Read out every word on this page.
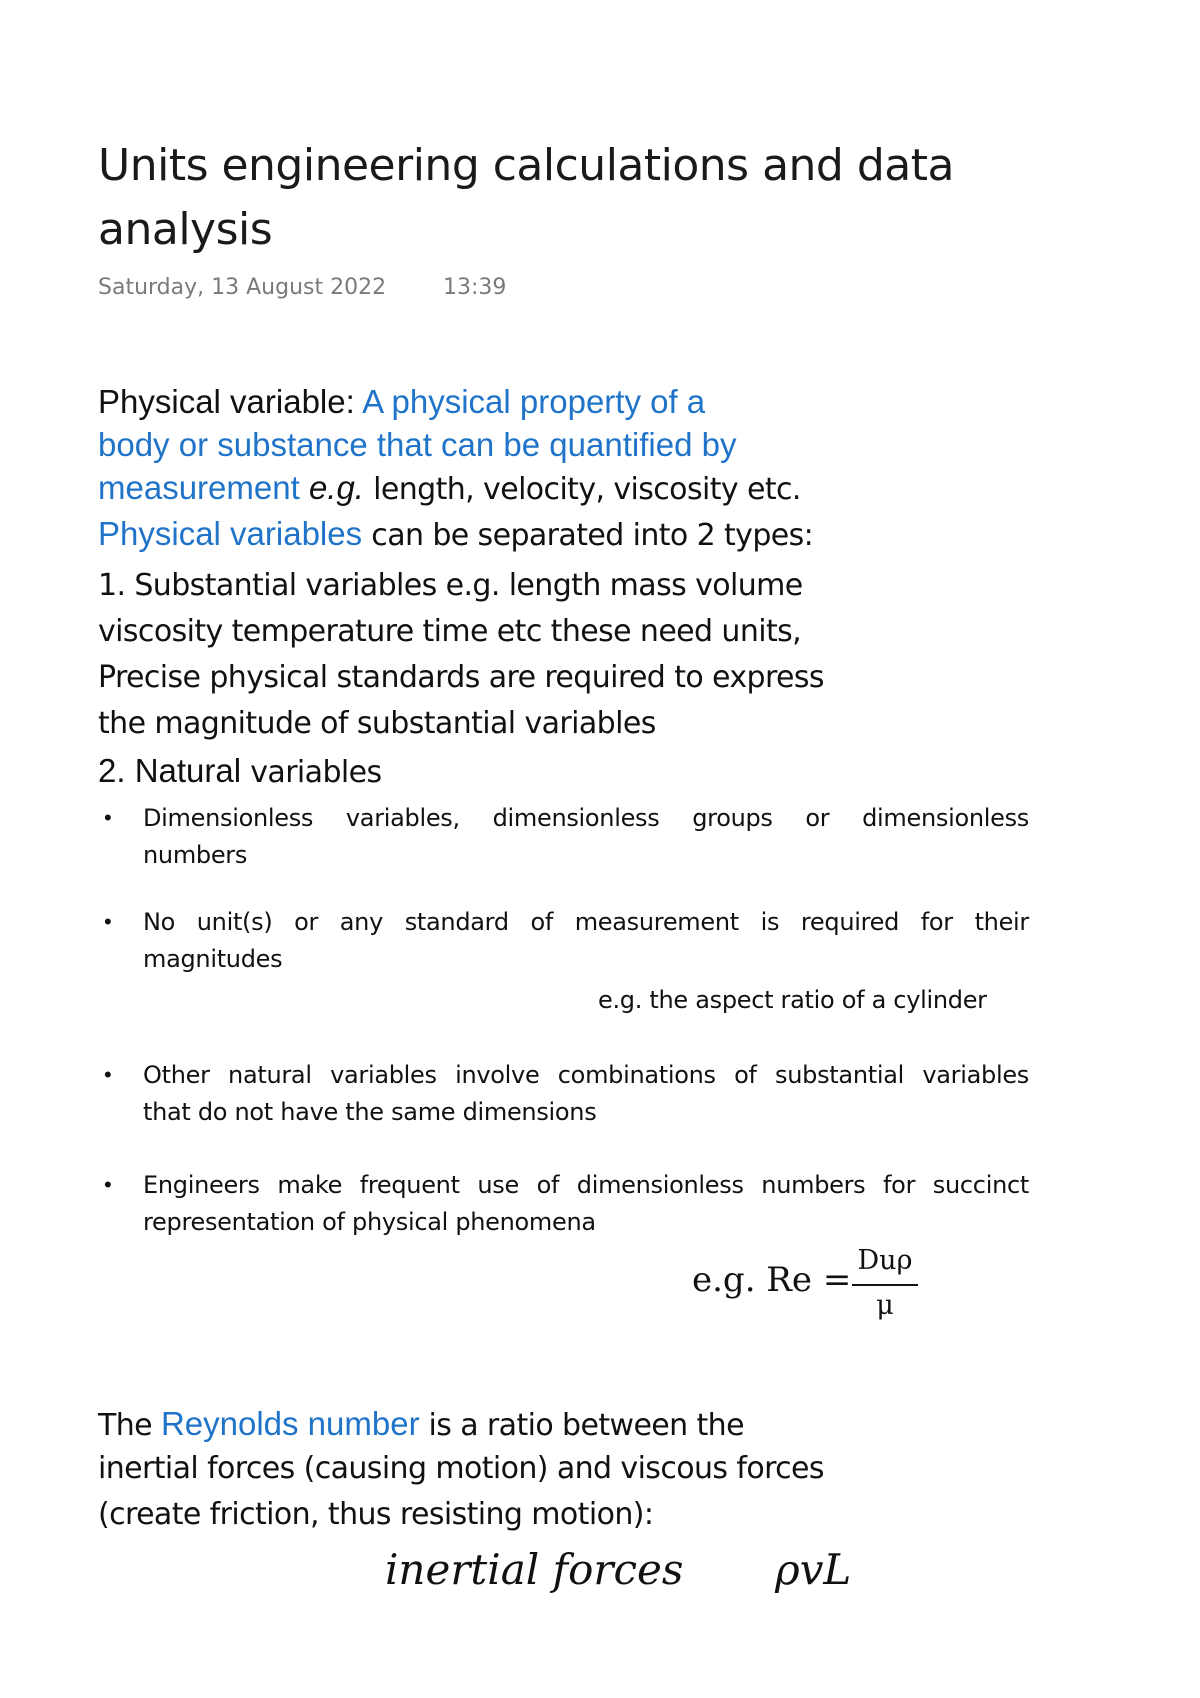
Units engineering calculations and data
analysis
Saturday, 13 August 2022	13:39
Physical variable: A physical property of a
body or substance that can be quantified by
measurement e.g. length, velocity, viscosity etc.
Physical variables can be separated into 2 types:
1. Substantial variables e.g. length mass volume
viscosity temperature time etc these need units,
Precise physical standards are required to express
the magnitude of substantial variables
2. Natural variables
• Dimensionless variables, dimensionless groups or dimensionless
numbers
• No unit(s) or any standard of measurement is required for their
magnitudes
e.g. the aspect ratio of a cylinder
• Other natural variables involve combinations of substantial variables
that do not have the same dimensions
• Engineers make frequent use of dimensionless numbers for succinct
representation of physical phenomena
e.g. Re = Duρ
μ
The Reynolds number is a ratio between the
inertial forces (causing motion) and viscous forces
(create friction, thus resisting motion):
inertial forces ρvL
